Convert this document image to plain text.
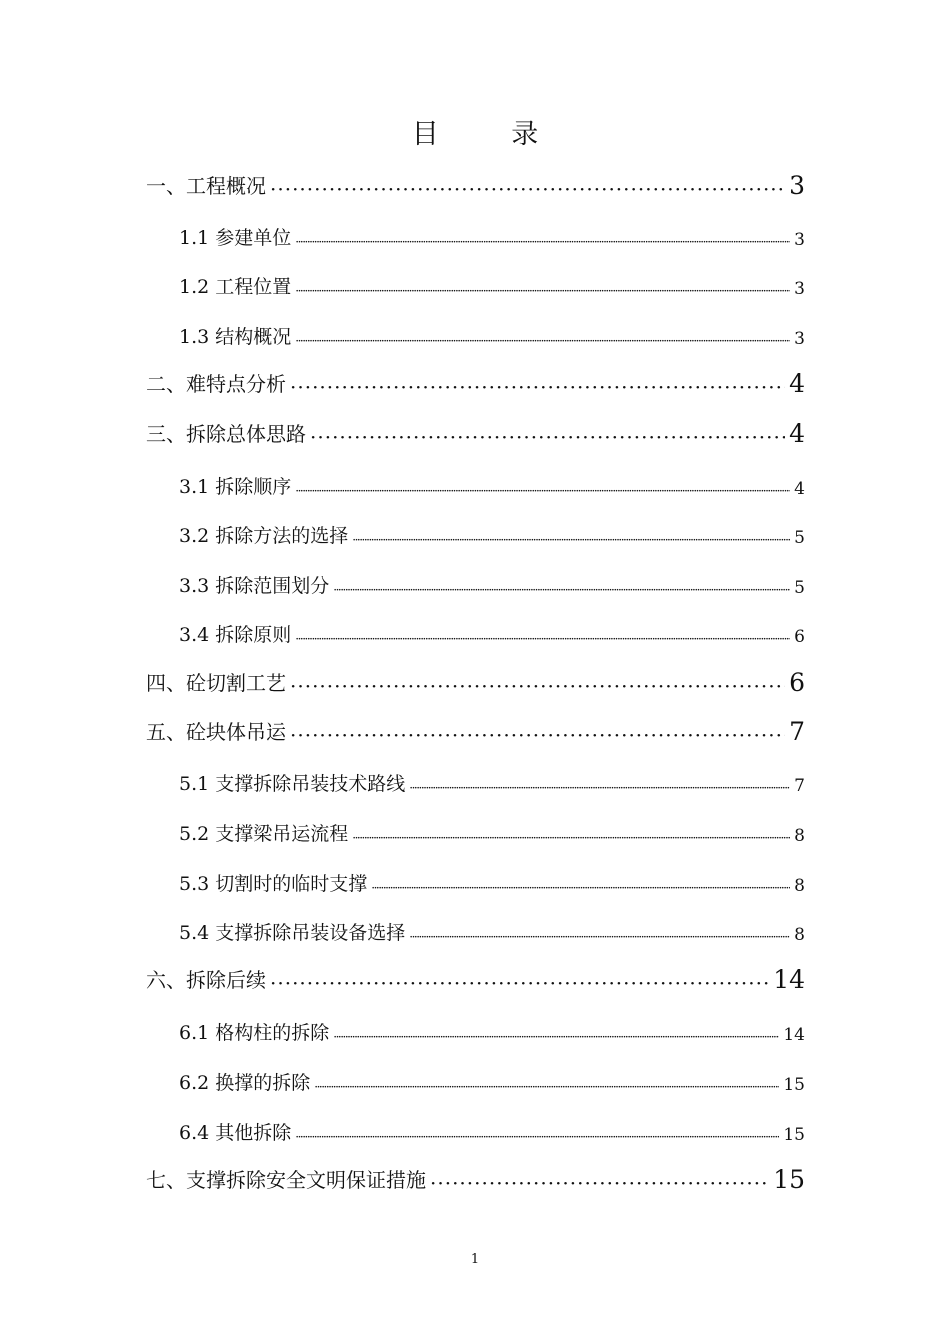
目 录
一、工程概况 ·····	3
1.1 参建单位 ·····	3
1.2 工程位置 ·····	3
1.3 结构概况 ·····	3
二、难特点分析 ·····	4
三、拆除总体思路 ·····	4
3.1 拆除顺序 ·····	4
3.2 拆除方法的选择 ·····	5
3.3 拆除范围划分 ·····	5
3.4 拆除原则 ·····	6
四、砼切割工艺 ·····	6
五、砼块体吊运 ·····	7
5.1 支撑拆除吊装技术路线 ·····	7
5.2 支撑梁吊运流程 ·····	8
5.3 切割时的临时支撑 ·····	8
5.4 支撑拆除吊装设备选择 ·····	8
六、拆除后续 ·····	14
6.1 格构柱的拆除 ·····	14
6.2 换撑的拆除 ·····	15
6.4 其他拆除 ·····	15
七、支撑拆除安全文明保证措施 ·····	15
1
